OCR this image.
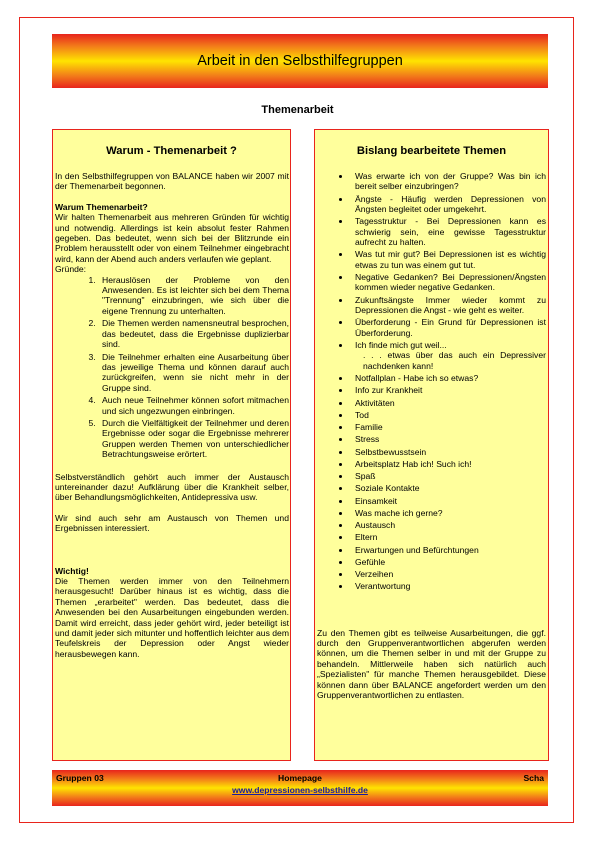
Arbeit in den Selbsthilfegruppen
Themenarbeit
Warum - Themenarbeit ?
In den Selbsthilfegruppen von BALANCE haben wir 2007 mit der Themenarbeit begonnen.
Warum Themenarbeit?
Wir halten Themenarbeit aus mehreren Gründen für wichtig und notwendig. Allerdings ist kein absolut fester Rahmen gegeben. Das bedeutet, wenn sich bei der Blitzrunde ein Problem herausstellt oder von einem Teilnehmer eingebracht wird, kann der Abend auch anders verlaufen wie geplant.
Gründe:
1. Herauslösen der Probleme von den Anwesenden. Es ist leichter sich bei dem Thema "Trennung" einzubringen, wie sich über die eigene Trennung zu unterhalten.
2. Die Themen werden namensneutral besprochen, das bedeutet, dass die Ergebnisse duplizierbar sind.
3. Die Teilnehmer erhalten eine Ausarbeitung über das jeweilige Thema und können darauf auch zurückgreifen, wenn sie nicht mehr in der Gruppe sind.
4. Auch neue Teilnehmer können sofort mitmachen und sich ungezwungen einbringen.
5. Durch die Vielfältigkeit der Teilnehmer und deren Ergebnisse oder sogar die Ergebnisse mehrerer Gruppen werden Themen von unterschiedlicher Betrachtungsweise erörtert.
Selbstverständlich gehört auch immer der Austausch untereinander dazu! Aufklärung über die Krankheit selber, über Behandlungsmöglichkeiten, Antidepressiva usw.
Wir sind auch sehr am Austausch von Themen und Ergebnissen interessiert.
Wichtig!
Die Themen werden immer von den Teilnehmern herausgesucht! Darüber hinaus ist es wichtig, dass die Themen „erarbeitet" werden. Das bedeutet, dass die Anwesenden bei den Ausarbeitungen eingebunden werden. Damit wird erreicht, dass jeder gehört wird, jeder beteiligt ist und damit jeder sich mitunter und hoffentlich leichter aus dem Teufelskreis der Depression oder Angst wieder herausbewegen kann.
Bislang bearbeitete Themen
• Was erwarte ich von der Gruppe? Was bin ich bereit selber einzubringen?
• Ängste - Häufig werden Depressionen von Ängsten begleitet oder umgekehrt.
• Tagesstruktur - Bei Depressionen kann es schwierig sein, eine gewisse Tagesstruktur aufrecht zu halten.
• Was tut mir gut? Bei Depressionen ist es wichtig etwas zu tun was einem gut tut.
• Negative Gedanken? Bei Depressionen/Ängsten kommen wieder negative Gedanken.
• Zukunftsängste Immer wieder kommt zu Depressionen die Angst - wie geht es weiter.
• Überforderung - Ein Grund für Depressionen ist Überforderung.
• Ich finde mich gut weil...
. . . etwas über das auch ein Depressiver nachdenken kann!
• Notfallplan - Habe ich so etwas?
• Info zur Krankheit
• Aktivitäten
• Tod
• Familie
• Stress
• Selbstbewusstsein
• Arbeitsplatz Hab ich! Such ich!
• Spaß
• Soziale Kontakte
• Einsamkeit
• Was mache ich gerne?
• Austausch
• Eltern
• Erwartungen und Befürchtungen
• Gefühle
• Verzeihen
• Verantwortung
Zu den Themen gibt es teilweise Ausarbeitungen, die ggf. durch den Gruppenverantwortlichen abgerufen werden können, um die Themen selber in und mit der Gruppe zu behandeln. Mittlerweile haben sich natürlich auch „Spezialisten" für manche Themen herausgebildet. Diese können dann über BALANCE angefordert werden um den Gruppenverantwortlichen zu entlasten.
Homepage
Gruppen 03	Scha
www.depressionen-selbsthilfe.de
